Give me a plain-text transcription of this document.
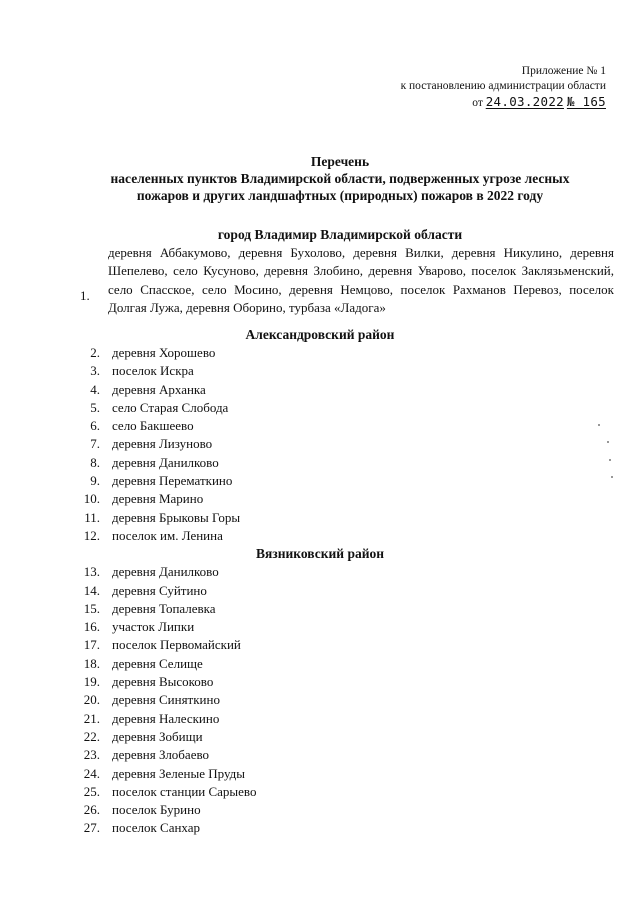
Приложение № 1
к постановлению администрации области
от 24.03.2022 № 165
Перечень
населенных пунктов Владимирской области, подверженных угрозе лесных
пожаров и других ландшафтных (природных) пожаров в 2022 году
город Владимир Владимирской области
1.
деревня Аббакумово, деревня Бухолово, деревня Вилки, деревня Никулино, деревня Шепелево, село Кусуново, деревня Злобино, деревня Уварово, поселок Заклязьменский, село Спасское, село Мосино, деревня Немцово, поселок Рахманов Перевоз, поселок Долгая Лужа, деревня Оборино, турбаза «Ладога»
Александровский район
2. деревня Хорошево
3. поселок Искра
4. деревня Арханка
5. село Старая Слобода
6. село Бакшеево
7. деревня Лизуново
8. деревня Данилково
9. деревня Перематкино
10. деревня Марино
11. деревня Брыковы Горы
12. поселок им. Ленина
Вязниковский район
13. деревня Данилково
14. деревня Суйтино
15. деревня Топалевка
16. участок Липки
17. поселок Первомайский
18. деревня Селище
19. деревня Высоково
20. деревня Синяткино
21. деревня Налескино
22. деревня Зобищи
23. деревня Злобаево
24. деревня Зеленые Пруды
25. поселок станции Сарыево
26. поселок Бурино
27. поселок Санхар
